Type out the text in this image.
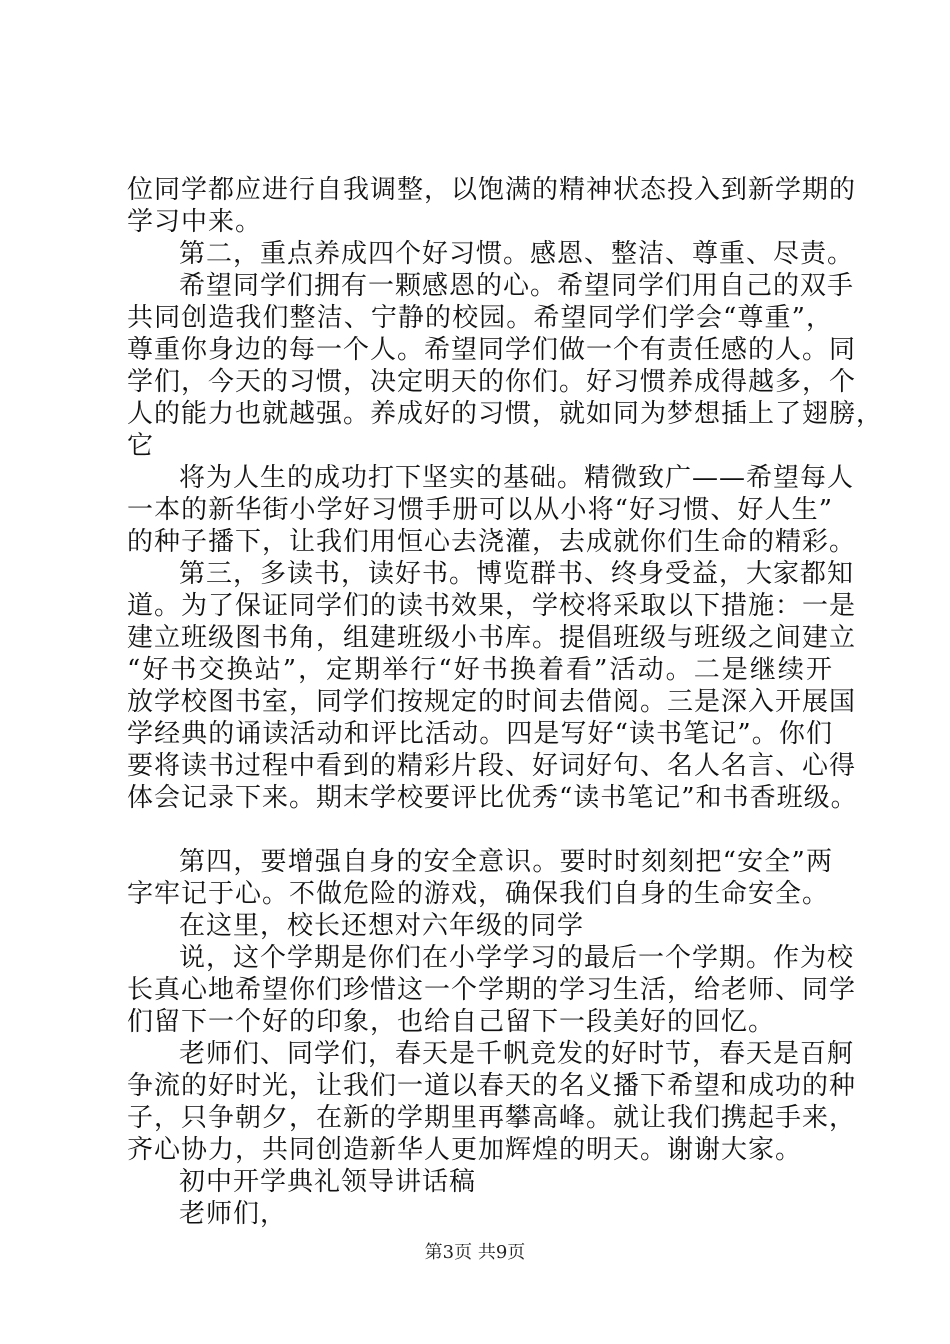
位同学都应进行自我调整，以饱满的精神状态投入到新学期的
学习中来。
第二，重点养成四个好习惯。感恩、整洁、尊重、尽责。
希望同学们拥有一颗感恩的心。希望同学们用自己的双手
共同创造我们整洁、宁静的校园。希望同学们学会“尊重”，
尊重你身边的每一个人。希望同学们做一个有责任感的人。同
学们，今天的习惯，决定明天的你们。好习惯养成得越多，个
人的能力也就越强。养成好的习惯，就如同为梦想插上了翅膀，
它
将为人生的成功打下坚实的基础。精微致广——希望每人
一本的新华街小学好习惯手册可以从小将“好习惯、好人生”
的种子播下，让我们用恒心去浇灌，去成就你们生命的精彩。
第三，多读书，读好书。博览群书、终身受益，大家都知
道。为了保证同学们的读书效果，学校将采取以下措施：一是
建立班级图书角，组建班级小书库。提倡班级与班级之间建立
“好书交换站”，定期举行“好书换着看”活动。二是继续开
放学校图书室，同学们按规定的时间去借阅。三是深入开展国
学经典的诵读活动和评比活动。四是写好“读书笔记”。你们
要将读书过程中看到的精彩片段、好词好句、名人名言、心得
体会记录下来。期末学校要评比优秀“读书笔记”和书香班级。
第四，要增强自身的安全意识。要时时刻刻把“安全”两
字牢记于心。不做危险的游戏，确保我们自身的生命安全。
在这里，校长还想对六年级的同学
说，这个学期是你们在小学学习的最后一个学期。作为校
长真心地希望你们珍惜这一个学期的学习生活，给老师、同学
们留下一个好的印象，也给自己留下一段美好的回忆。
老师们、同学们，春天是千帆竞发的好时节，春天是百舸
争流的好时光，让我们一道以春天的名义播下希望和成功的种
子，只争朝夕，在新的学期里再攀高峰。就让我们携起手来，
齐心协力，共同创造新华人更加辉煌的明天。谢谢大家。
初中开学典礼领导讲话稿
老师们，
第3页 共9页
